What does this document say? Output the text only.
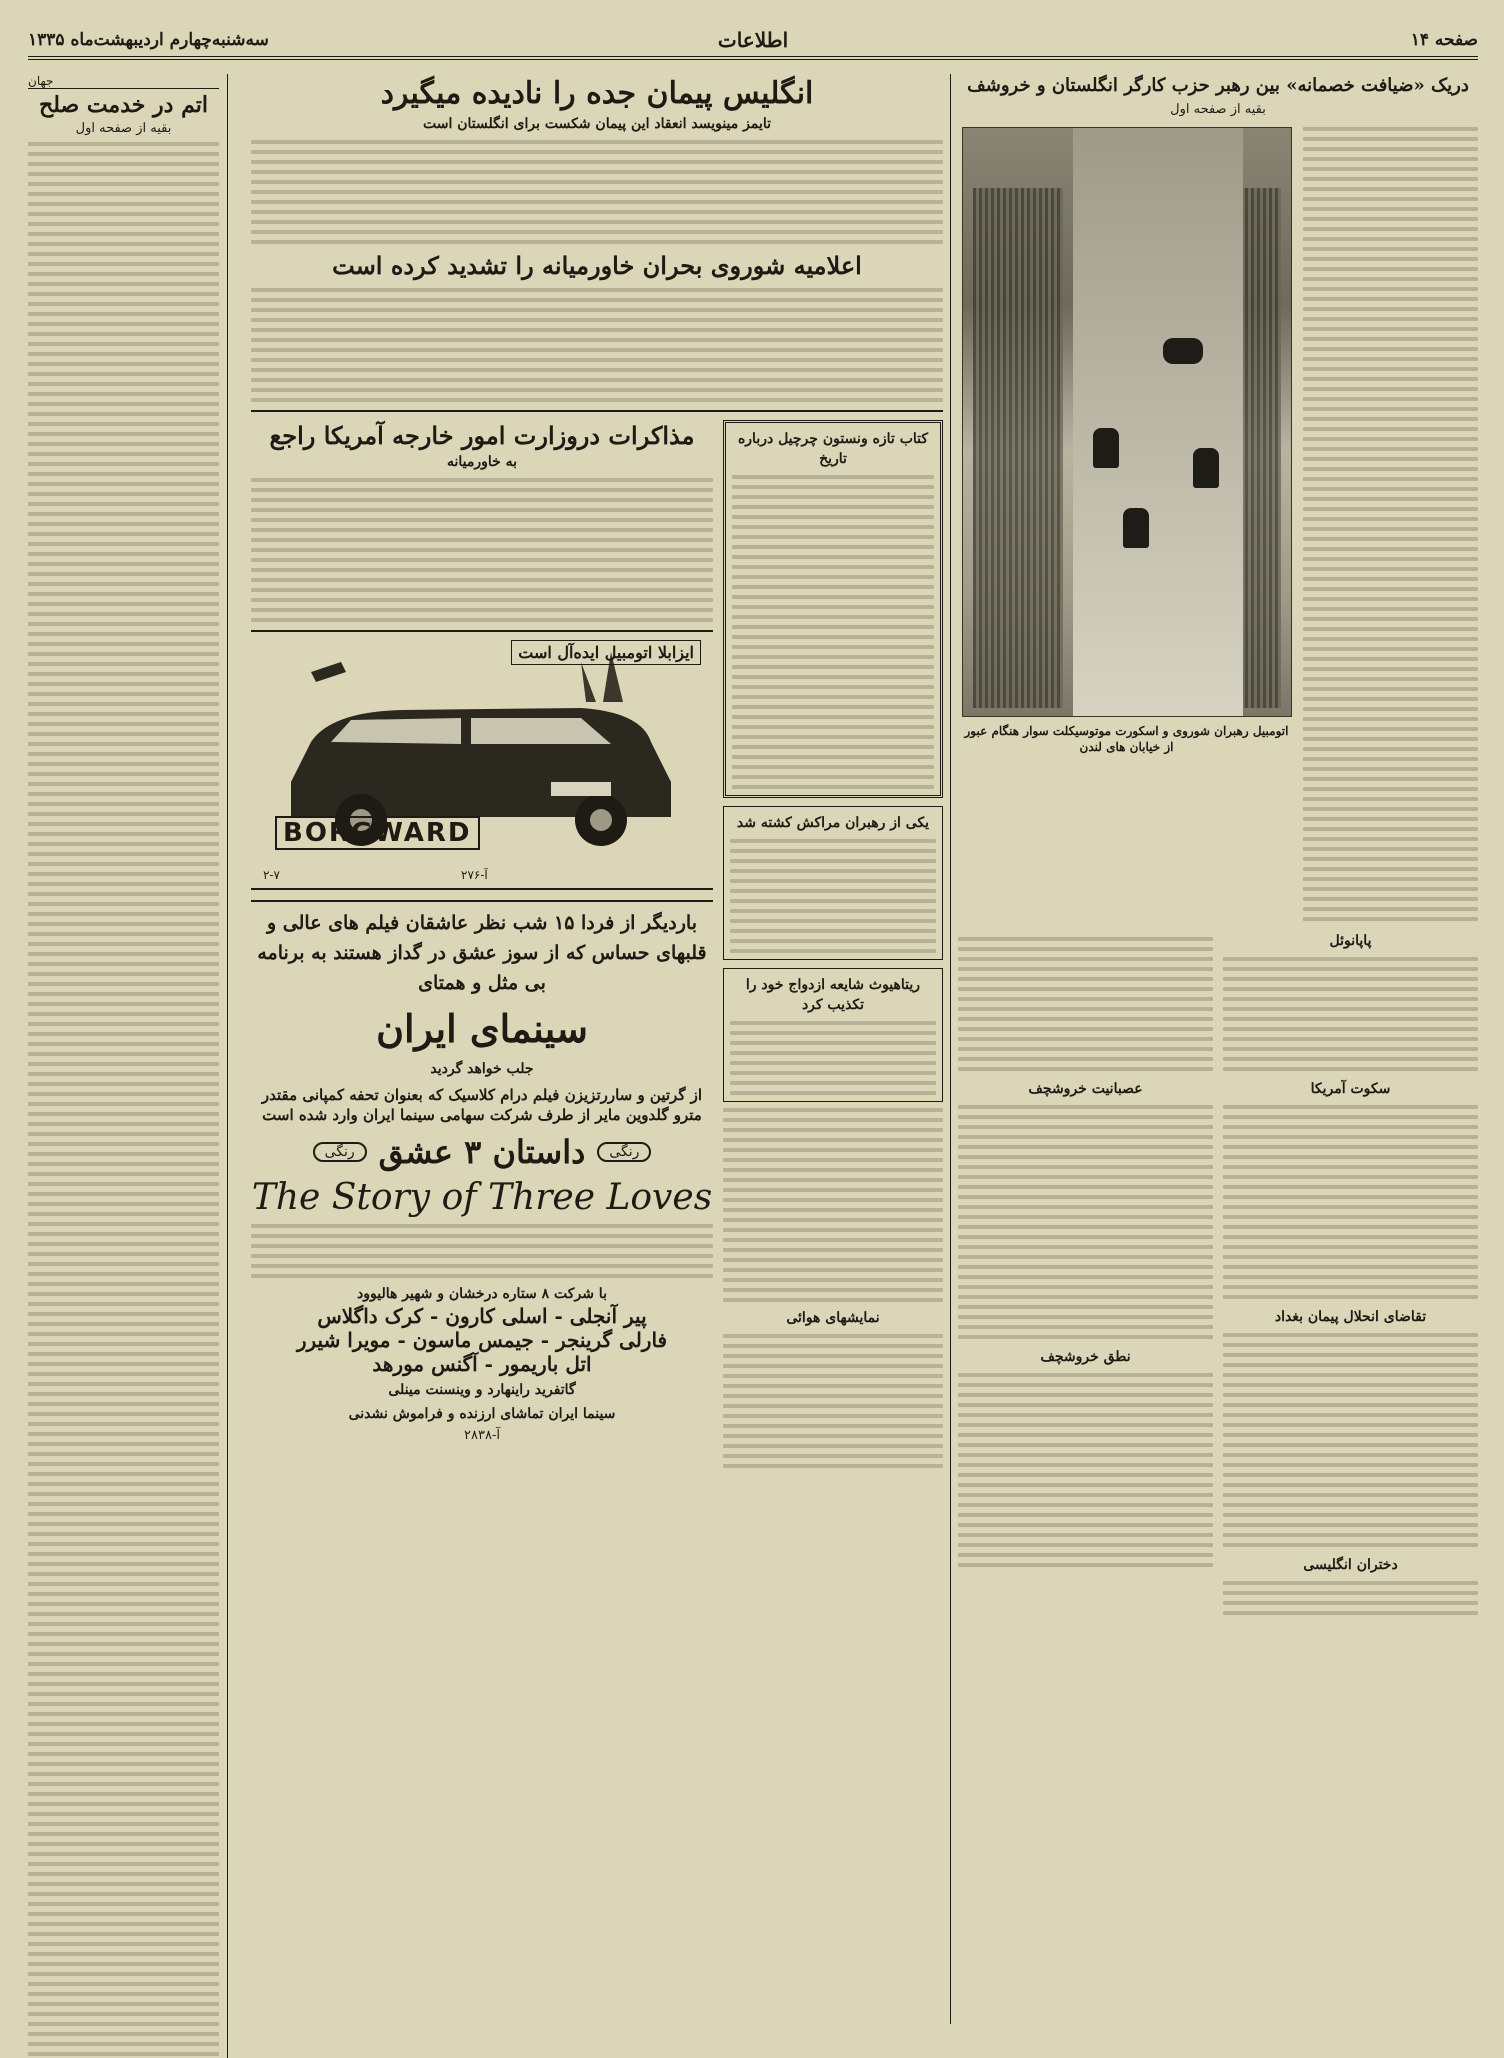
صفحه ۱۴
اطلاعات
سه‌شنبه‌چهارم اردیبهشت‌ماه ۱۳۳۵
دریک «ضیافت خصمانه» بین رهبر حزب کارگر انگلستان و خروشف
بقیه از صفحه اول
اتومبیل رهبران شوروی و اسکورت موتوسیکلت سوار هنگام عبور از خیابان های لندن
پاپانوئل
سکوت آمریکا
تقاضای انحلال پیمان بغداد
دختران انگلیسی
عصبانیت خروشچف
نطق خروشچف
انگلیس پیمان جده را نادیده میگیرد
تایمز مینویسد انعقاد این پیمان شکست برای انگلستان است
اعلامیه شوروی بحران خاورمیانه را تشدید کرده است
کتاب تازه ونستون چرچیل درباره تاریخ
یکی از رهبران مراکش کشته شد
ریتاهیوث شایعه ازدواج خود را تکذیب کرد
نمایشهای هوائی
مذاکرات دروزارت امور خارجه آمریکا راجع
به خاورمیانه
ایزابلا اتومبیل ایده‌آل است
BORGWARD
آ-۲۷۶
۲-۷
باردیگر از فردا ۱۵ شب نظر عاشقان فیلم های عالی و قلبهای حساس که از سوز عشق در گداز هستند به برنامه بی مثل و همتای
سینمای ایران
جلب خواهد گردید
از گرتین و ساررتزیزن فیلم درام کلاسیک که بعنوان تحفه کمپانی مقتدر مترو گلدوین مایر از طرف شرکت سهامی سینما ایران وارد شده است
رنگی
داستان ۳ عشق
رنگی
The Story of Three Loves
با شرکت ۸ ستاره درخشان و شهیر هالیوود
پیر آنجلی - اسلی کارون - کرک داگلاس
فارلی گرینجر - جیمس ماسون - مویرا شیرر
اتل باریمور - آگنس مورهد
گاتفرید راینهارد و وینسنت مینلی
سینما ایران تماشای ارزنده و فراموش نشدنی
آ-۲۸۳۸
جهان
اتم در خدمت صلح
بقیه از صفحه اول
